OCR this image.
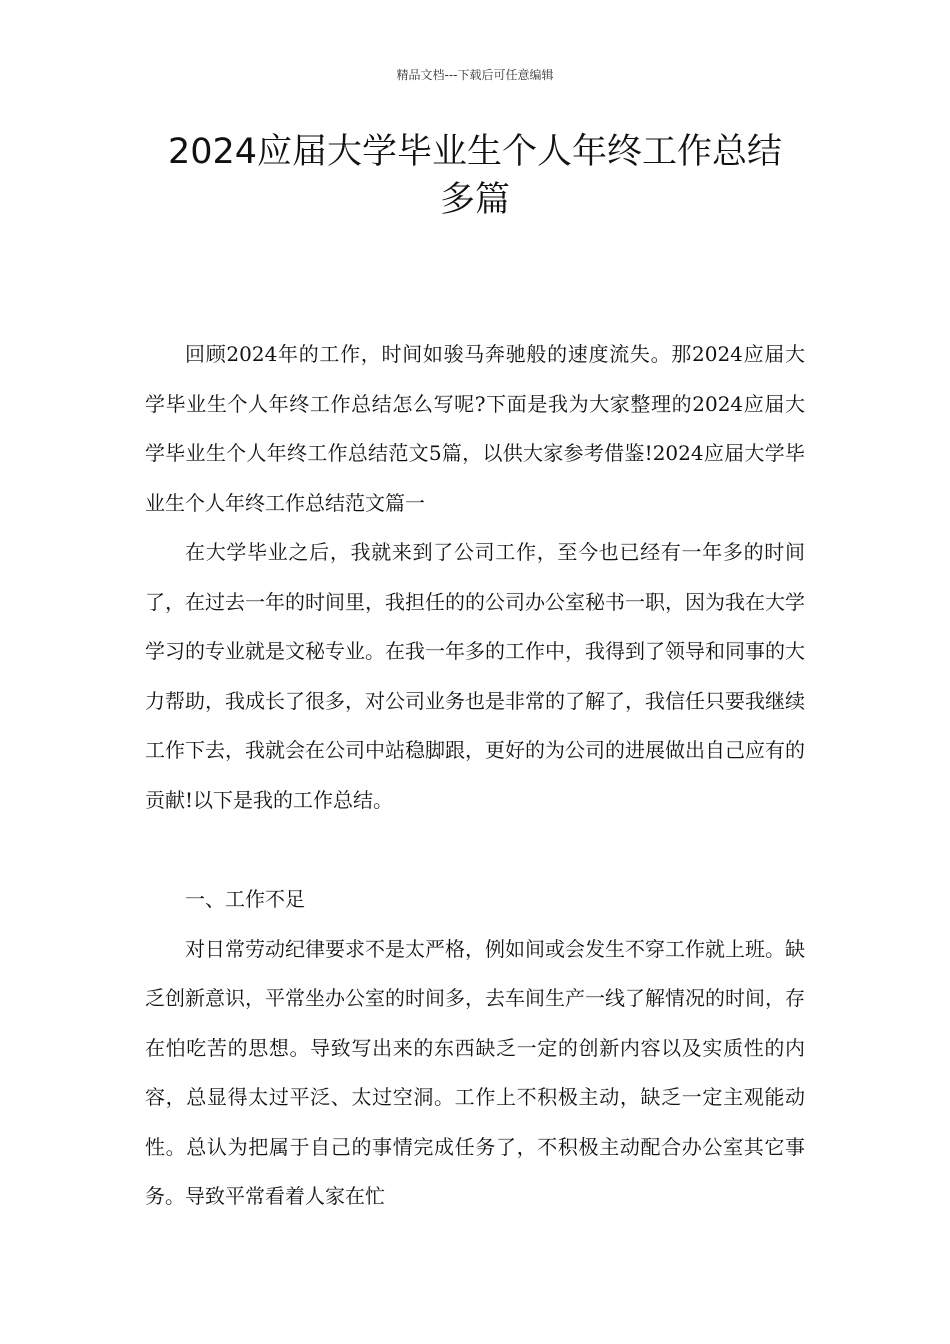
精品文档---下载后可任意编辑
2024应届大学毕业生个人年终工作总结
多篇

回顾2024年的工作，时间如骏马奔驰般的速度流失。那2024应届大学毕业生个人年终工作总结怎么写呢?下面是我为大家整理的2024应届大学毕业生个人年终工作总结范文5篇，以供大家参考借鉴!2024应届大学毕业生个人年终工作总结范文篇一

在大学毕业之后，我就来到了公司工作，至今也已经有一年多的时间了，在过去一年的时间里，我担任的的公司办公室秘书一职，因为我在大学学习的专业就是文秘专业。在我一年多的工作中，我得到了领导和同事的大力帮助，我成长了很多，对公司业务也是非常的了解了，我信任只要我继续工作下去，我就会在公司中站稳脚跟，更好的为公司的进展做出自己应有的贡献!以下是我的工作总结。

一、工作不足

对日常劳动纪律要求不是太严格，例如间或会发生不穿工作就上班。缺乏创新意识，平常坐办公室的时间多，去车间生产一线了解情况的时间，存在怕吃苦的思想。导致写出来的东西缺乏一定的创新内容以及实质性的内容，总显得太过平泛、太过空洞。工作上不积极主动，缺乏一定主观能动性。总认为把属于自己的事情完成任务了，不积极主动配合办公室其它事务。导致平常看着人家在忙
